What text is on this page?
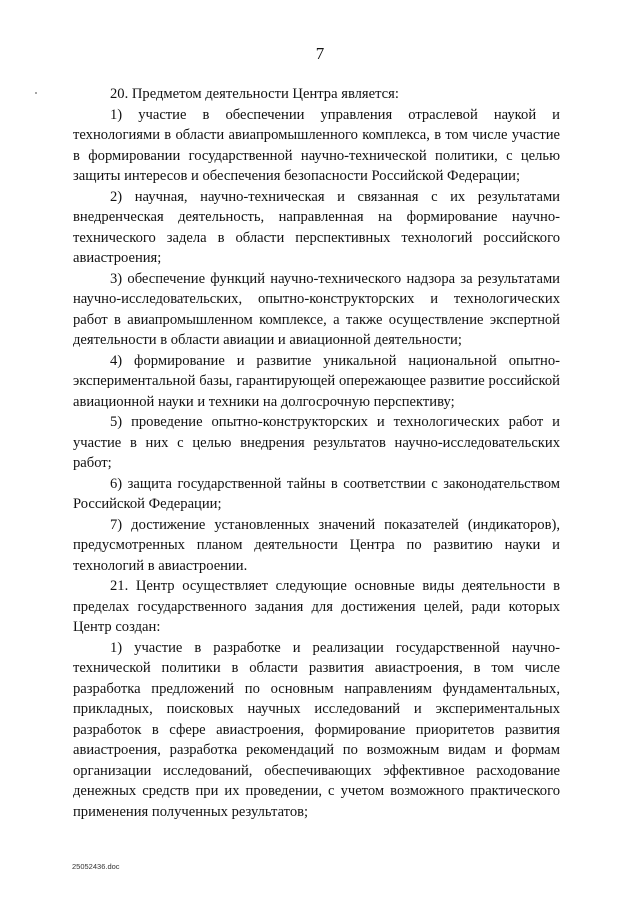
7

20. Предметом деятельности Центра является:

1) участие в обеспечении управления отраслевой наукой и технологиями в области авиапромышленного комплекса, в том числе участие в формировании государственной научно-технической политики, с целью защиты интересов и обеспечения безопасности Российской Федерации;

2) научная, научно-техническая и связанная с их результатами внедренческая деятельность, направленная на формирование научно-технического задела в области перспективных технологий российского авиастроения;

3) обеспечение функций научно-технического надзора за результатами научно-исследовательских, опытно-конструкторских и технологических работ в авиапромышленном комплексе, а также осуществление экспертной деятельности в области авиации и авиационной деятельности;

4) формирование и развитие уникальной национальной опытно-экспериментальной базы, гарантирующей опережающее развитие российской авиационной науки и техники на долгосрочную перспективу;

5) проведение опытно-конструкторских и технологических работ и участие в них с целью внедрения результатов научно-исследовательских работ;

6) защита государственной тайны в соответствии с законодательством Российской Федерации;

7) достижение установленных значений показателей (индикаторов), предусмотренных планом деятельности Центра по развитию науки и технологий в авиастроении.

21. Центр осуществляет следующие основные виды деятельности в пределах государственного задания для достижения целей, ради которых Центр создан:

1) участие в разработке и реализации государственной научно-технической политики в области развития авиастроения, в том числе разработка предложений по основным направлениям фундаментальных, прикладных, поисковых научных исследований и экспериментальных разработок в сфере авиастроения, формирование приоритетов развития авиастроения, разработка рекомендаций по возможным видам и формам организации исследований, обеспечивающих эффективное расходование денежных средств при их проведении, с учетом возможного практического применения полученных результатов;

25052436.doc
